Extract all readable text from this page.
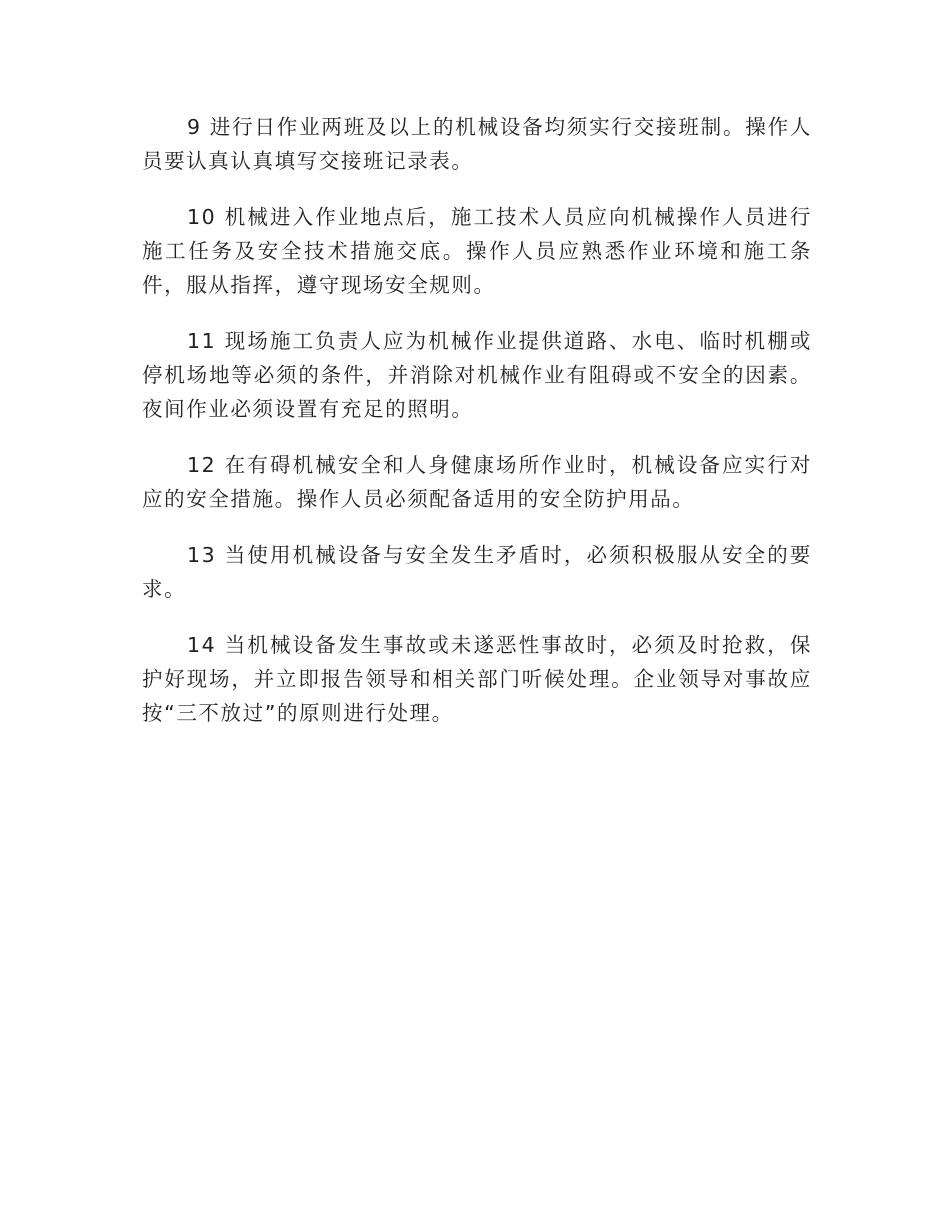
9 进行日作业两班及以上的机械设备均须实行交接班制。操作人员要认真认真填写交接班记录表。

10 机械进入作业地点后，施工技术人员应向机械操作人员进行施工任务及安全技术措施交底。操作人员应熟悉作业环境和施工条件，服从指挥，遵守现场安全规则。

11 现场施工负责人应为机械作业提供道路、水电、临时机棚或停机场地等必须的条件，并消除对机械作业有阻碍或不安全的因素。夜间作业必须设置有充足的照明。

12 在有碍机械安全和人身健康场所作业时，机械设备应实行对应的安全措施。操作人员必须配备适用的安全防护用品。

13 当使用机械设备与安全发生矛盾时，必须积极服从安全的要求。

14 当机械设备发生事故或未遂恶性事故时，必须及时抢救，保护好现场，并立即报告领导和相关部门听候处理。企业领导对事故应按“三不放过”的原则进行处理。
